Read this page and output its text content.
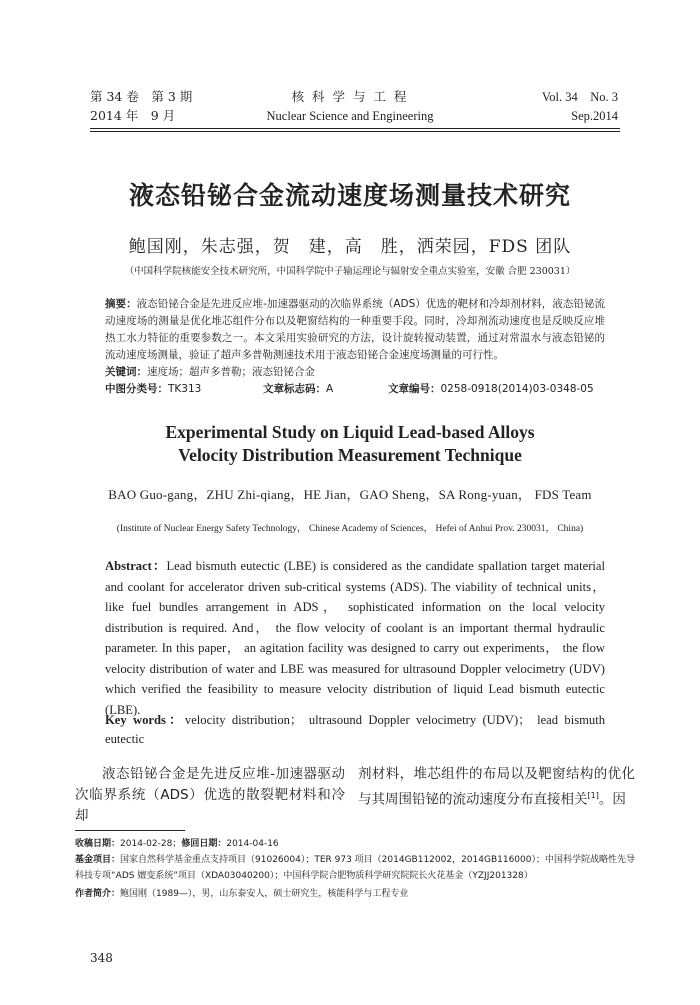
第 34 卷　第 3 期	核 科 学 与 工 程	Vol. 34　No. 3
2014 年　9 月	Nuclear Science and Engineering	Sep.2014
液态铅铋合金流动速度场测量技术研究
鲍国刚，朱志强，贺　建，高　胜，洒荣园，FDS 团队
（中国科学院核能安全技术研究所，中国科学院中子输运理论与辐射安全重点实验室，安徽 合肥 230031）
摘要：液态铅铋合金是先进反应堆-加速器驱动的次临界系统（ADS）优选的靶材和冷却剂材料，液态铅铋流动速度场的测量是优化堆芯组件分布以及靶窗结构的一种重要手段。同时，冷却剂流动速度也是反映反应堆热工水力特征的重要参数之一。本文采用实验研究的方法，设计旋转搅动装置，通过对常温水与液态铅铋的流动速度场测量，验证了超声多普勒测速技术用于液态铅铋合金速度场测量的可行性。
关键词：速度场；超声多普勒；液态铅铋合金
中图分类号：TK313	文章标志码：A	文章编号：0258-0918(2014)03-0348-05
Experimental Study on Liquid Lead-based Alloys
Velocity Distribution Measurement Technique
BAO Guo-gang，ZHU Zhi-qiang，HE Jian，GAO Sheng，SA Rong-yuan， FDS Team
(Institute of Nuclear Energy Safety Technology， Chinese Academy of Sciences， Hefei of Anhui Prov. 230031， China)
Abstract：Lead bismuth eutectic (LBE) is considered as the candidate spallation target material and coolant for accelerator driven sub-critical systems (ADS). The viability of technical units， like fuel bundles arrangement in ADS， sophisticated information on the local velocity distribution is required. And， the flow velocity of coolant is an important thermal hydraulic parameter. In this paper， an agitation facility was designed to carry out experiments， the flow velocity distribution of water and LBE was measured for ultrasound Doppler velocimetry (UDV) which verified the feasibility to measure velocity distribution of liquid Lead bismuth eutectic (LBE).
Key words：velocity distribution； ultrasound Doppler velocimetry (UDV)； lead bismuth eutectic
液态铅铋合金是先进反应堆-加速器驱动次临界系统（ADS）优选的散裂靶材料和冷却
剂材料，堆芯组件的布局以及靶窗结构的优化与其周围铅铋的流动速度分布直接相关[1]。因
收稿日期：2014-02-28；修回日期：2014-04-16
基金项目：国家自然科学基金重点支持项目（91026004）；TER 973 项目（2014GB112002，2014GB116000）；中国科学院战略性先导科技专项“ADS 嬗变系统”项目（XDA03040200）；中国科学院合肥物质科学研究院院长火花基金（YZJJ201328）
作者简介：鲍国刚（1989—），男，山东泰安人，硕士研究生，核能科学与工程专业
348
